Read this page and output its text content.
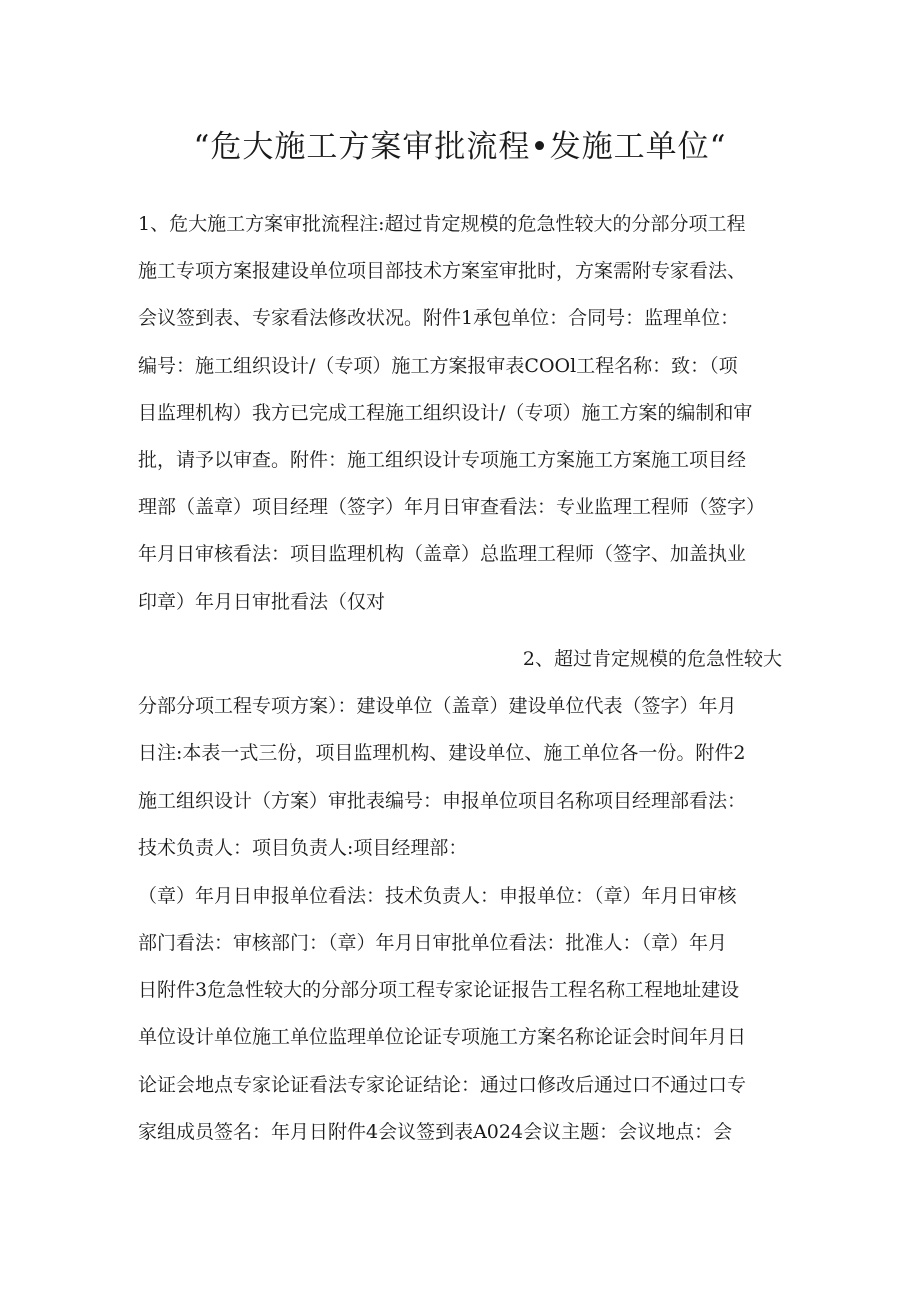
“危大施工方案审批流程•发施工单位“
1、危大施工方案审批流程注:超过肯定规模的危急性较大的分部分项工程
施工专项方案报建设单位项目部技术方案室审批时，方案需附专家看法、
会议签到表、专家看法修改状况。附件1承包单位：合同号：监理单位：
编号：施工组织设计/（专项）施工方案报审表COOl工程名称：致：（项
目监理机构）我方已完成工程施工组织设计/（专项）施工方案的编制和审
批，请予以审查。附件：施工组织设计专项施工方案施工方案施工项目经
理部（盖章）项目经理（签字）年月日审查看法：专业监理工程师（签字）
年月日审核看法：项目监理机构（盖章）总监理工程师（签字、加盖执业
印章）年月日审批看法（仅对
2、超过肯定规模的危急性较大
分部分项工程专项方案）：建设单位（盖章）建设单位代表（签字）年月
日注:本表一式三份，项目监理机构、建设单位、施工单位各一份。附件2
施工组织设计（方案）审批表编号：申报单位项目名称项目经理部看法：
技术负责人：项目负责人:项目经理部：
（章）年月日申报单位看法：技术负责人：申报单位：（章）年月日审核
部门看法：审核部门：（章）年月日审批单位看法：批准人：（章）年月
日附件3危急性较大的分部分项工程专家论证报告工程名称工程地址建设
单位设计单位施工单位监理单位论证专项施工方案名称论证会时间年月日
论证会地点专家论证看法专家论证结论：通过口修改后通过口不通过口专
家组成员签名：年月日附件4会议签到表A024会议主题：会议地点：会
